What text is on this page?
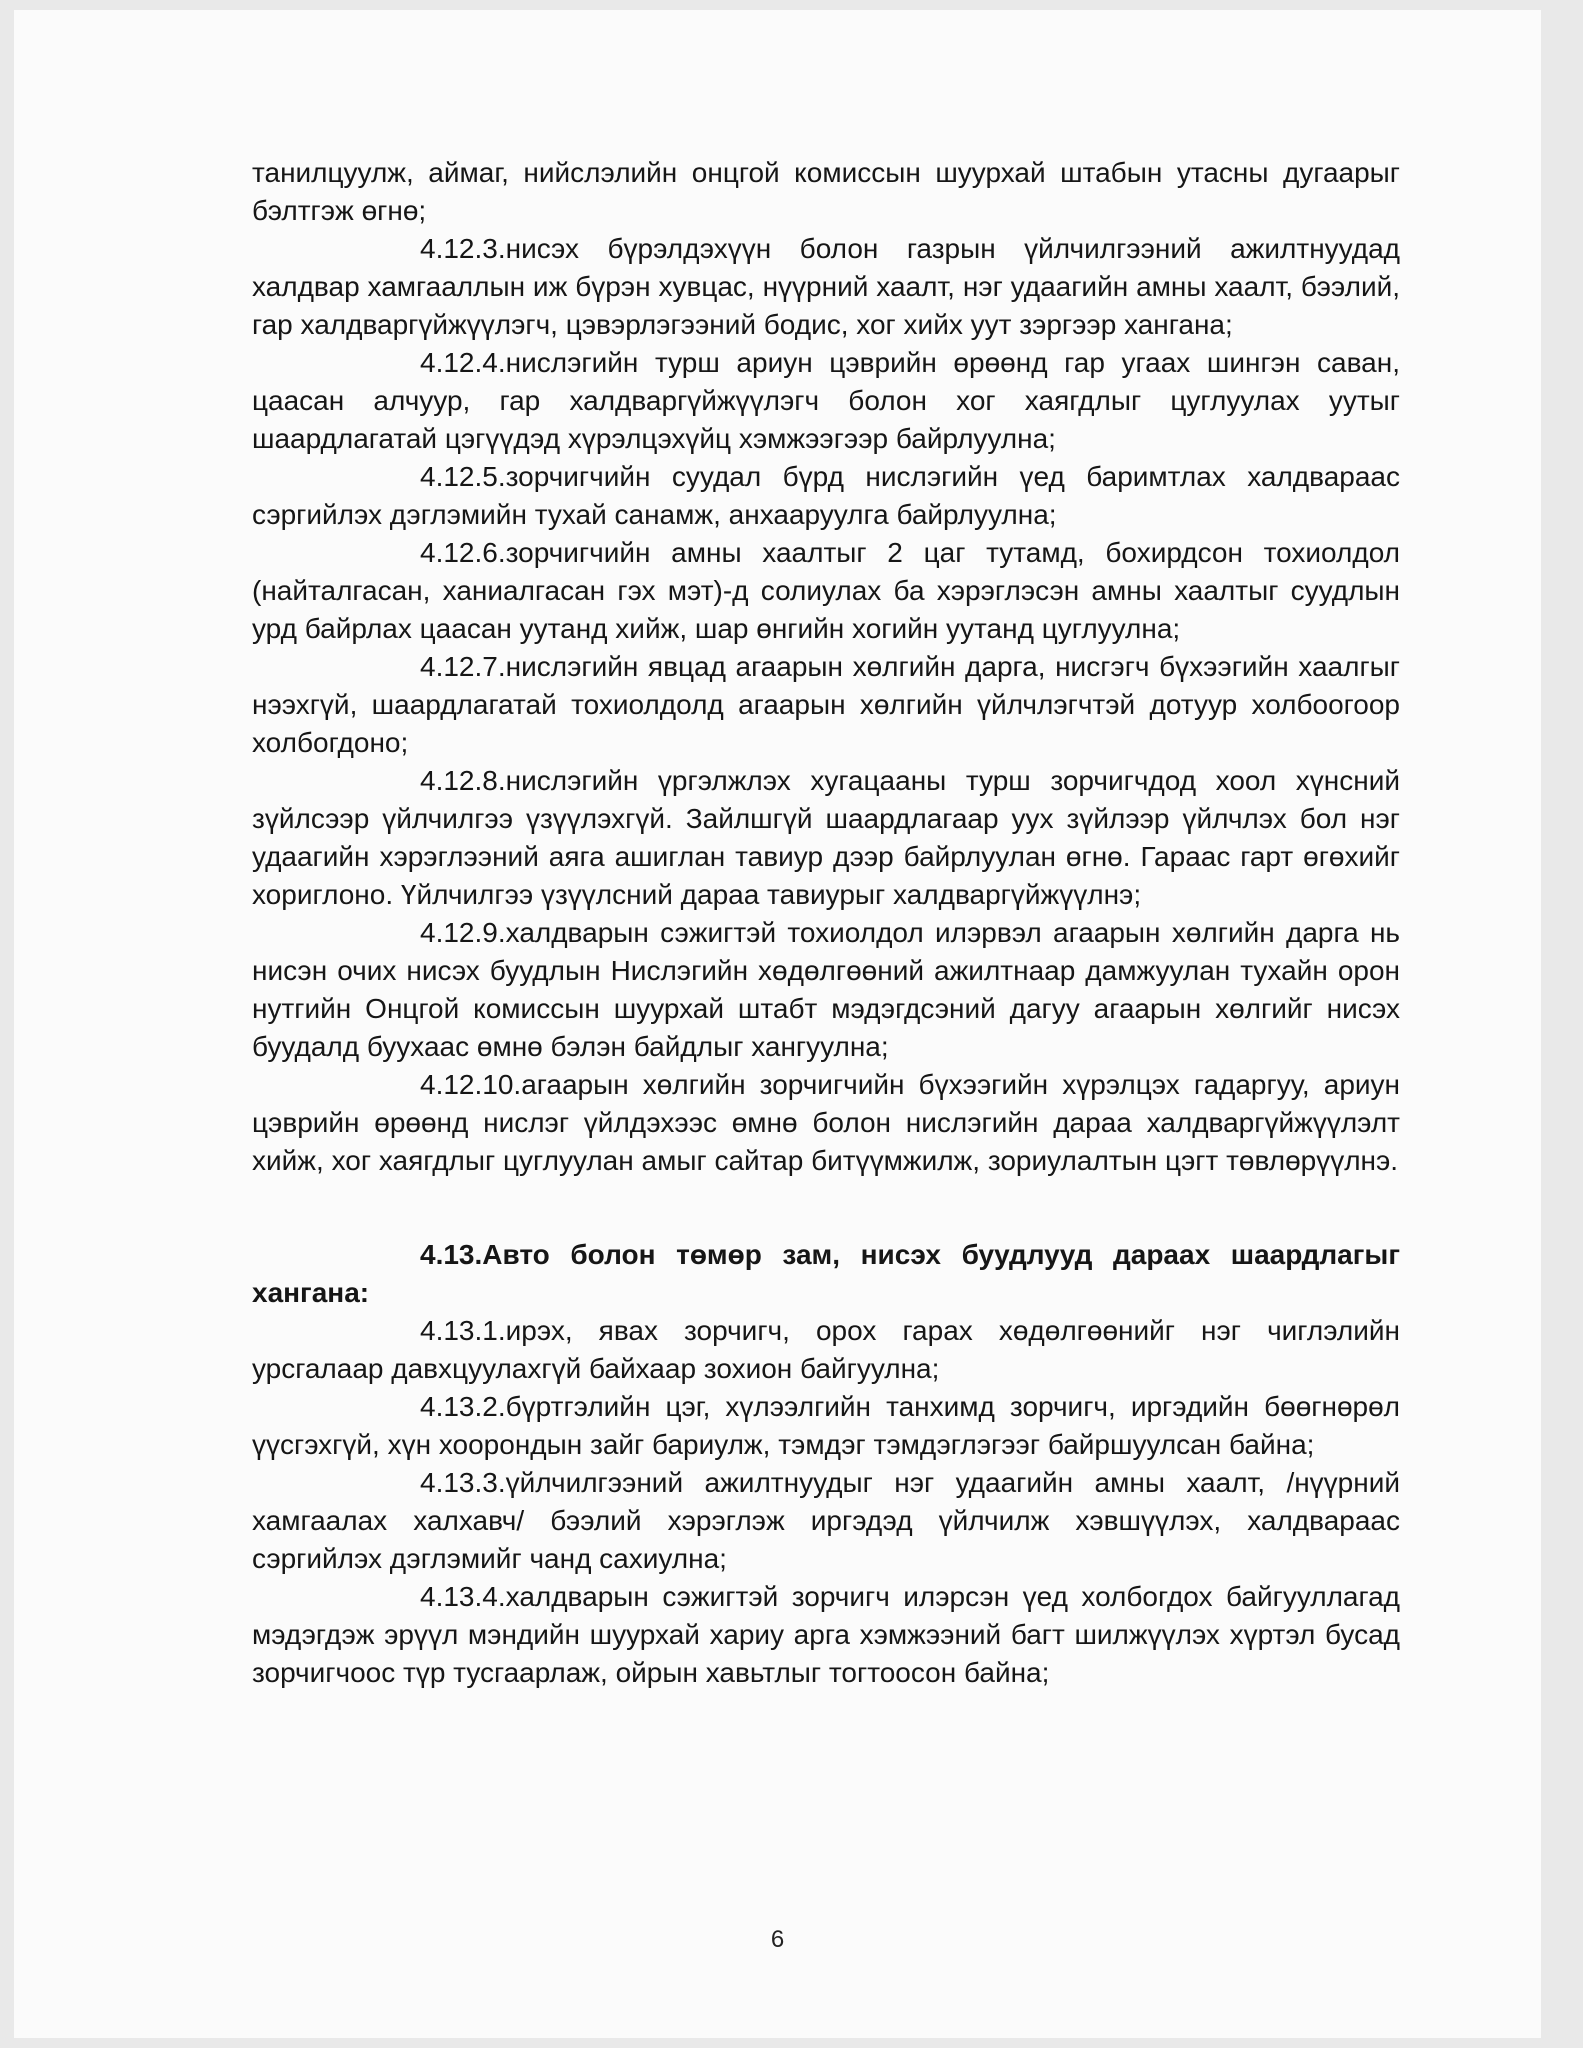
танилцуулж, аймаг, нийслэлийн онцгой комиссын шуурхай штабын утасны дугаарыг бэлтгэж өгнө;

4.12.3.нисэх бүрэлдэхүүн болон газрын үйлчилгээний ажилтнуудад халдвар хамгааллын иж бүрэн хувцас, нүүрний хаалт, нэг удаагийн амны хаалт, бээлий, гар халдваргүйжүүлэгч, цэвэрлэгээний бодис, хог хийх уут зэргээр хангана;

4.12.4.нислэгийн турш ариун цэврийн өрөөнд гар угаах шингэн саван, цаасан алчуур, гар халдваргүйжүүлэгч болон хог хаягдлыг цуглуулах уутыг шаардлагатай цэгүүдэд хүрэлцэхүйц хэмжээгээр байрлуулна;

4.12.5.зорчигчийн суудал бүрд нислэгийн үед баримтлах халдвараас сэргийлэх дэглэмийн тухай санамж, анхааруулга байрлуулна;

4.12.6.зорчигчийн амны хаалтыг 2 цаг тутамд, бохирдсон тохиолдол (найталгасан, ханиалгасан гэх мэт)-д солиулах ба хэрэглэсэн амны хаалтыг суудлын урд байрлах цаасан уутанд хийж, шар өнгийн хогийн уутанд цуглуулна;

4.12.7.нислэгийн явцад агаарын хөлгийн дарга, нисгэгч бүхээгийн хаалгыг нээхгүй, шаардлагатай тохиолдолд агаарын хөлгийн үйлчлэгчтэй дотуур холбоогоор холбогдоно;

4.12.8.нислэгийн үргэлжлэх хугацааны турш зорчигчдод хоол хүнсний зүйлсээр үйлчилгээ үзүүлэхгүй. Зайлшгүй шаардлагаар уух зүйлээр үйлчлэх бол нэг удаагийн хэрэглээний аяга ашиглан тавиур дээр байрлуулан өгнө. Гараас гарт өгөхийг хориглоно. Үйлчилгээ үзүүлсний дараа тавиурыг халдваргүйжүүлнэ;

4.12.9.халдварын сэжигтэй тохиолдол илэрвэл агаарын хөлгийн дарга нь нисэн очих нисэх буудлын Нислэгийн хөдөлгөөний ажилтнаар дамжуулан тухайн орон нутгийн Онцгой комиссын шуурхай штабт мэдэгдсэний дагуу агаарын хөлгийг нисэх буудалд буухаас өмнө бэлэн байдлыг хангуулна;

4.12.10.агаарын хөлгийн зорчигчийн бүхээгийн хүрэлцэх гадаргуу, ариун цэврийн өрөөнд нислэг үйлдэхээс өмнө болон нислэгийн дараа халдваргүйжүүлэлт хийж, хог хаягдлыг цуглуулан амыг сайтар битүүмжилж, зориулалтын цэгт төвлөрүүлнэ.

4.13.Авто болон төмөр зам, нисэх буудлууд дараах шаардлагыг хангана:

4.13.1.ирэх, явах зорчигч, орох гарах хөдөлгөөнийг нэг чиглэлийн урсгалаар давхцуулахгүй байхаар зохион байгуулна;

4.13.2.бүртгэлийн цэг, хүлээлгийн танхимд зорчигч, иргэдийн бөөгнөрөл үүсгэхгүй, хүн хоорондын зайг бариулж, тэмдэг тэмдэглэгээг байршуулсан байна;

4.13.3.үйлчилгээний ажилтнуудыг нэг удаагийн амны хаалт, /нүүрний хамгаалах халхавч/ бээлий хэрэглэж иргэдэд үйлчилж хэвшүүлэх, халдвараас сэргийлэх дэглэмийг чанд сахиулна;

4.13.4.халдварын сэжигтэй зорчигч илэрсэн үед холбогдох байгууллагад мэдэгдэж эрүүл мэндийн шуурхай хариу арга хэмжээний багт шилжүүлэх хүртэл бусад зорчигчоос түр тусгаарлаж, ойрын хавьтлыг тогтоосон байна;

6
